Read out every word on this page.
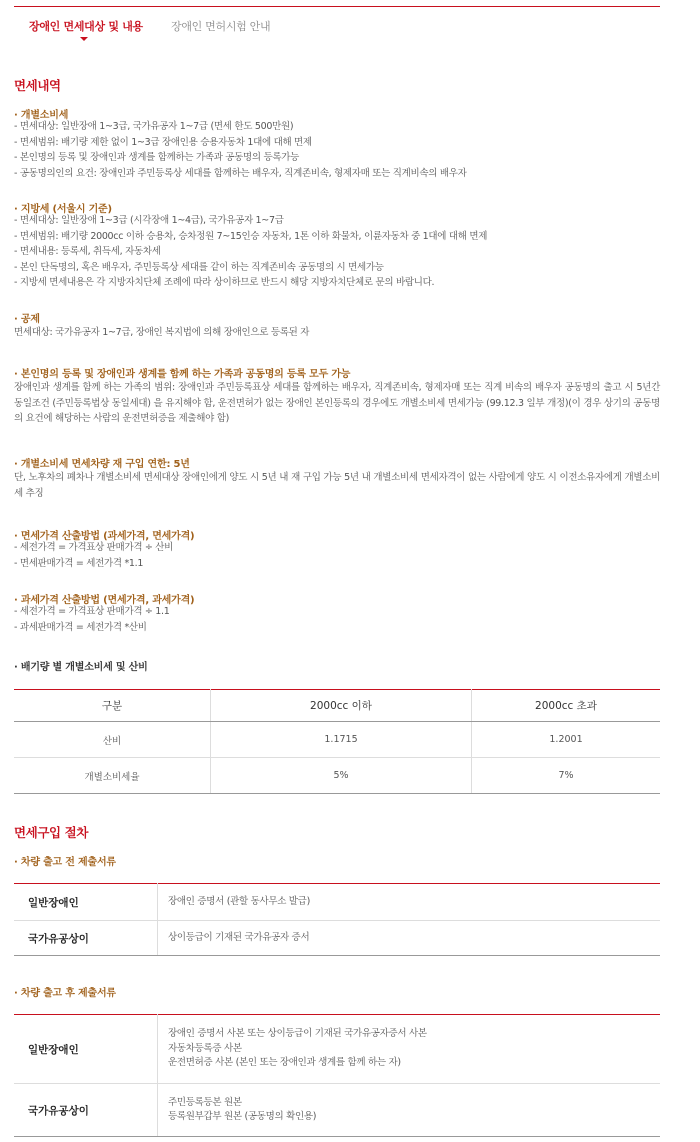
장애인 면세대상 및 내용	장애인 면허시험 안내
면세내역
· 개별소비세
- 면세대상: 일반장애 1~3급, 국가유공자 1~7급 (면세 한도 500만원)
- 면세범위: 배기량 제한 없이 1~3급 장애인용 승용자동차 1대에 대해 면제
- 본인명의 등록 및 장애인과 생계를 함께하는 가족과 공동명의 등록가능
- 공동명의인의 요건: 장애인과 주민등록상 세대를 함께하는 배우자, 직계존비속, 형제자매 또는 직계비속의 배우자
· 지방세 (서울시 기준)
- 면세대상: 일반장애 1~3급 (시각장애 1~4급), 국가유공자 1~7급
- 면세범위: 배기량 2000cc 이하 승용차, 승차정원 7~15인승 자동차, 1톤 이하 화물차, 이륜자동차 중 1대에 대해 면제
- 면세내용: 등록세, 취득세, 자동차세
- 본인 단독명의, 혹은 배우자, 주민등록상 세대를 같이 하는 직계존비속 공동명의 시 면세가능
- 지방세 면세내용은 각 지방자치단체 조례에 따라 상이하므로 반드시 해당 지방자치단체로 문의 바랍니다.
· 공제
면세대상: 국가유공자 1~7급, 장애인 복지법에 의해 장애인으로 등록된 자
· 본인명의 등록 및 장애인과 생계를 함께 하는 가족과 공동명의 등록 모두 가능
장애인과 생계를 함께 하는 가족의 범위: 장애인과 주민등록표상 세대를 함께하는 배우자, 직계존비속, 형제자매 또는 직계 비속의 배우자 공동명의 출고 시 5년간 동일조건 (주민등록법상 동일세대) 을 유지해야 함, 운전면허가 없는 장애인 본인등록의 경우에도 개별소비세 면세가능 (99.12.3 일부 개정)(이 경우 상기의 공동명의 요건에 해당하는 사람의 운전면허증을 제출해야 함)
· 개별소비세 면세차량 재 구입 연한: 5년
단, 노후차의 폐차나 개별소비세 면세대상 장애인에게 양도 시 5년 내 재 구입 가능 5년 내 개별소비세 면세자격이 없는 사람에게 양도 시 이전소유자에게 개별소비세 추징
· 면세가격 산출방법 (과세가격, 면세가격)
- 세전가격 = 가격표상 판매가격 ÷ 산비
- 면세판매가격 = 세전가격 *1.1
· 과세가격 산출방법 (면세가격, 과세가격)
- 세전가격 = 가격표상 판매가격 ÷ 1.1
- 과세판매가격 = 세전가격 *산비
· 배기량 별 개별소비세 및 산비
구분	2000cc 이하	2000cc 초과
산비	1.1715	1.2001
개별소비세율	5%	7%
면세구입 절차
· 차량 출고 전 제출서류
일반장애인	장애인 증명서 (관할 동사무소 발급)

국가유공상이	상이등급이 기재된 국가유공자 증서
· 차량 출고 후 제출서류
일반장애인	장애인 증명서 사본 또는 상이등급이 기재된 국가유공자증서 사본
자동차등록증 사본
운전면허증 사본 (본인 또는 장애인과 생계를 함께 하는 자)

국가유공상이	주민등록등본 원본
등록원부갑부 원본 (공동명의 확인용)
